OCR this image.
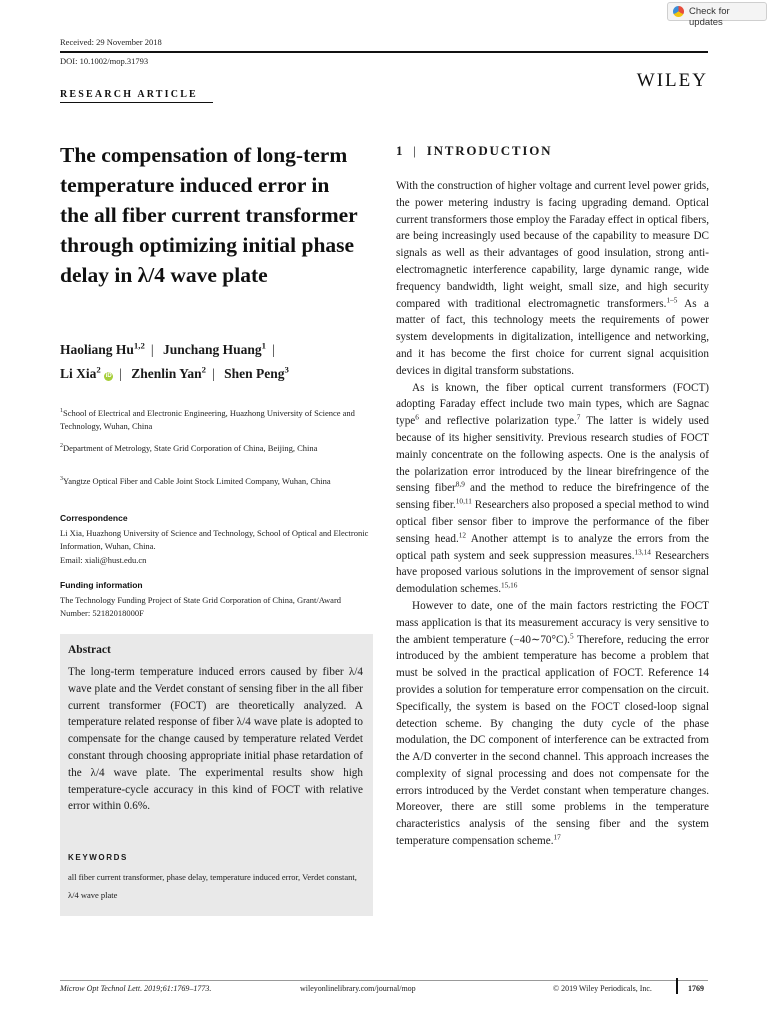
Check for updates
Received: 29 November 2018
DOI: 10.1002/mop.31793
WILEY
RESEARCH ARTICLE
The compensation of long-term temperature induced error in the all fiber current transformer through optimizing initial phase delay in λ/4 wave plate
Haoliang Hu$^{1,2}$ | Junchang Huang$^1$ |
Li Xia$^2$ iD | Zhenlin Yan$^2$ | Shen Peng$^3$
$^1$School of Electrical and Electronic Engineering, Huazhong University of Science and Technology, Wuhan, China
$^2$Department of Metrology, State Grid Corporation of China, Beijing, China
$^3$Yangtze Optical Fiber and Cable Joint Stock Limited Company, Wuhan, China
Correspondence
Li Xia, Huazhong University of Science and Technology, School of Optical and Electronic Information, Wuhan, China.
Email: xiali@hust.edu.cn
Funding information
The Technology Funding Project of State Grid Corporation of China, Grant/Award Number: 52182018000F
Abstract
The long-term temperature induced errors caused by fiber λ/4 wave plate and the Verdet constant of sensing fiber in the all fiber current transformer (FOCT) are theoretically analyzed. A temperature related response of fiber λ/4 wave plate is adopted to compensate for the change caused by temperature related Verdet constant through choosing appropriate initial phase retardation of the λ/4 wave plate. The experimental results show high temperature-cycle accuracy in this kind of FOCT with relative error within 0.6%.
KEYWORDS
all fiber current transformer, phase delay, temperature induced error, Verdet constant, λ/4 wave plate
1 | INTRODUCTION

With the construction of higher voltage and current level power grids, the power metering industry is facing upgrading demand. Optical current transformers those employ the Faraday effect in optical fibers, are being increasingly used because of the capability to measure DC signals as well as their advantages of good insulation, strong anti-electromagnetic interference capability, large dynamic range, wide frequency bandwidth, light weight, small size, and high security compared with traditional electromagnetic transformers.$^{1-5}$ As a matter of fact, this technology meets the requirements of power system developments in digitalization, intelligence and networking, and it has become the first choice for current signal acquisition devices in digital transform substations.

As is known, the fiber optical current transformers (FOCT) adopting Faraday effect include two main types, which are Sagnac type$^6$ and reflective polarization type.$^7$ The latter is widely used because of its higher sensitivity. Previous research studies of FOCT mainly concentrate on the following aspects. One is the analysis of the polarization error introduced by the linear birefringence of the sensing fiber$^{8,9}$ and the method to reduce the birefringence of the sensing fiber.$^{10,11}$ Researchers also proposed a special method to wind optical fiber sensor fiber to improve the performance of the fiber sensing head.$^{12}$ Another attempt is to analyze the errors from the optical path system and seek suppression measures.$^{13,14}$ Researchers have proposed various solutions in the improvement of sensor signal demodulation schemes.$^{15,16}$

However to date, one of the main factors restricting the FOCT mass application is that its measurement accuracy is very sensitive to the ambient temperature (−40∼70°C).$^5$ Therefore, reducing the error introduced by the ambient temperature has become a problem that must be solved in the practical application of FOCT. Reference 14 provides a solution for temperature error compensation on the circuit. Specifically, the system is based on the FOCT closed-loop signal detection scheme. By changing the duty cycle of the phase modulation, the DC component of interference can be extracted from the A/D converter in the second channel. This approach increases the complexity of signal processing and does not compensate for the errors introduced by the Verdet constant when temperature changes. Moreover, there are still some problems in the temperature characteristics analysis of the sensing fiber and the system temperature compensation scheme.$^{17}$

Microw Opt Technol Lett. 2019;61:1769–1773.	wileyonlinelibrary.com/journal/mop	© 2019 Wiley Periodicals, Inc.	1769
